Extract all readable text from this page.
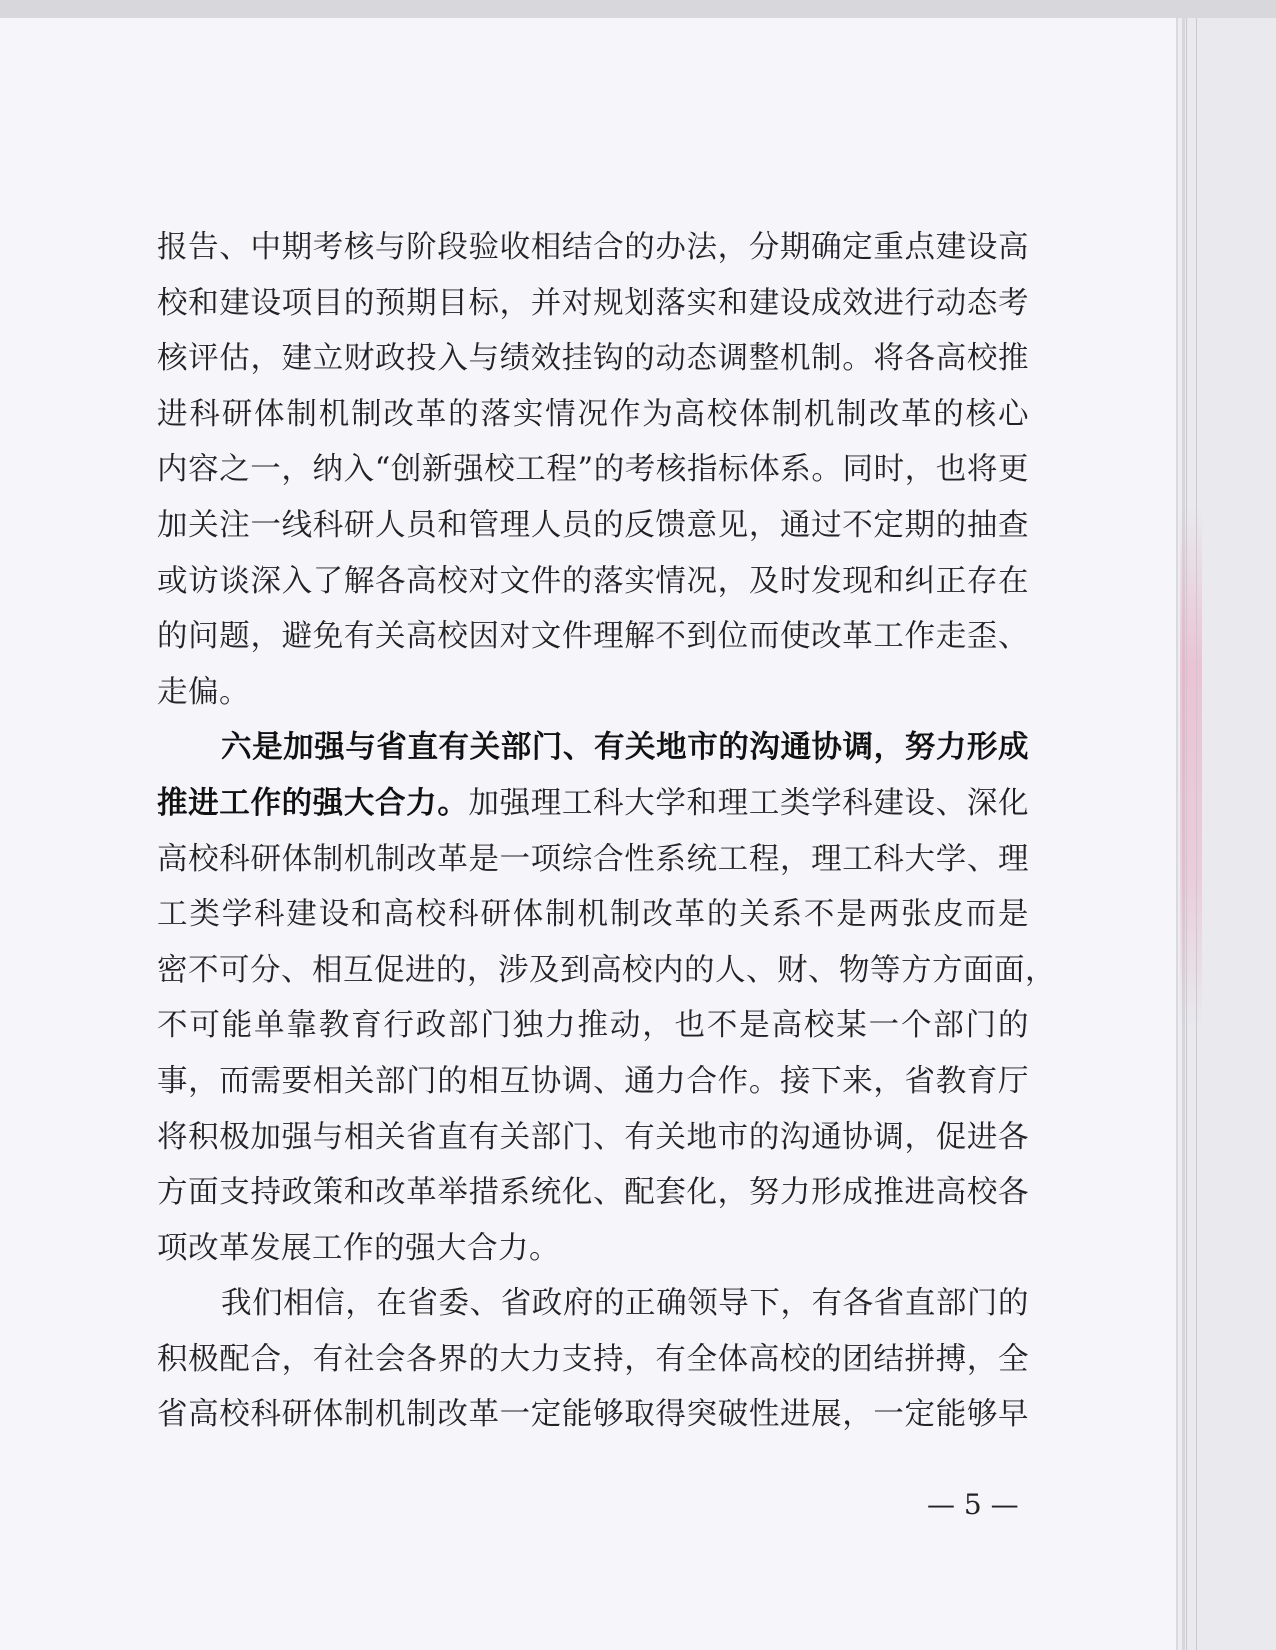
报告、中期考核与阶段验收相结合的办法，分期确定重点建设高
校和建设项目的预期目标，并对规划落实和建设成效进行动态考
核评估，建立财政投入与绩效挂钩的动态调整机制。将各高校推
进科研体制机制改革的落实情况作为高校体制机制改革的核心
内容之一，纳入“创新强校工程”的考核指标体系。同时，也将更
加关注一线科研人员和管理人员的反馈意见，通过不定期的抽查
或访谈深入了解各高校对文件的落实情况，及时发现和纠正存在
的问题，避免有关高校因对文件理解不到位而使改革工作走歪、
走偏。
六是加强与省直有关部门、有关地市的沟通协调，努力形成
推进工作的强大合力。加强理工科大学和理工类学科建设、深化
高校科研体制机制改革是一项综合性系统工程，理工科大学、理
工类学科建设和高校科研体制机制改革的关系不是两张皮而是
密不可分、相互促进的，涉及到高校内的人、财、物等方方面面，
不可能单靠教育行政部门独力推动，也不是高校某一个部门的
事，而需要相关部门的相互协调、通力合作。接下来，省教育厅
将积极加强与相关省直有关部门、有关地市的沟通协调，促进各
方面支持政策和改革举措系统化、配套化，努力形成推进高校各
项改革发展工作的强大合力。
我们相信，在省委、省政府的正确领导下，有各省直部门的
积极配合，有社会各界的大力支持，有全体高校的团结拼搏，全
省高校科研体制机制改革一定能够取得突破性进展，一定能够早
— 5 —
